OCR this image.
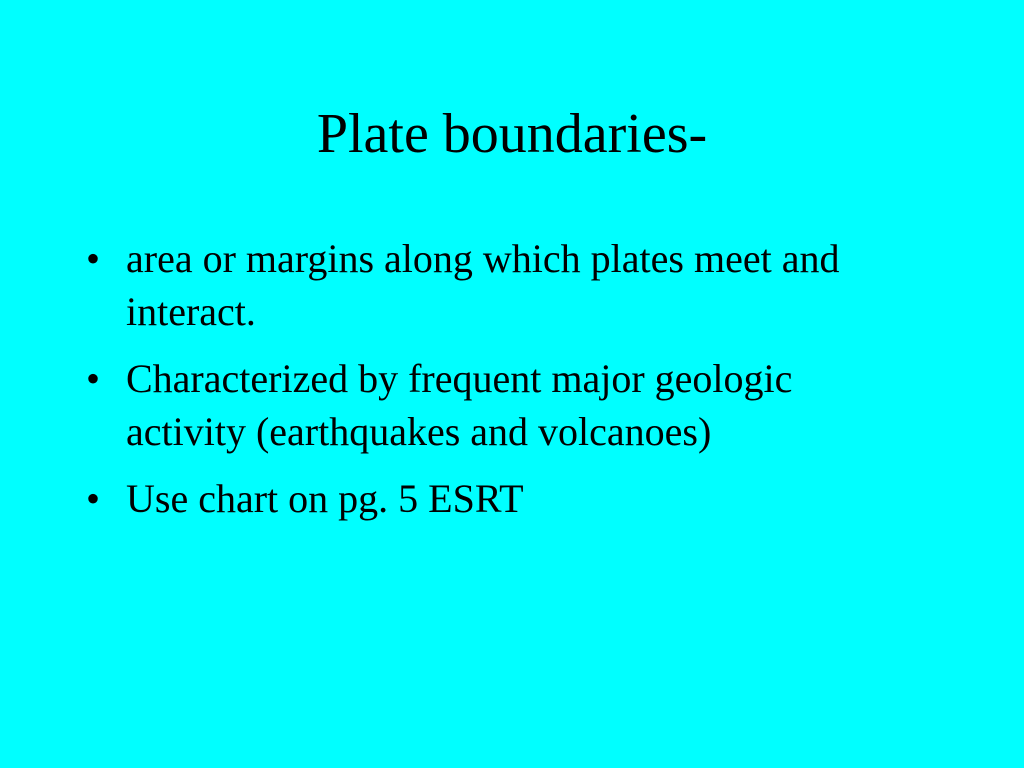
Plate boundaries-
• area or margins along which plates meet and interact.
• Characterized by frequent major geologic activity (earthquakes and volcanoes)
• Use chart on pg. 5 ESRT
